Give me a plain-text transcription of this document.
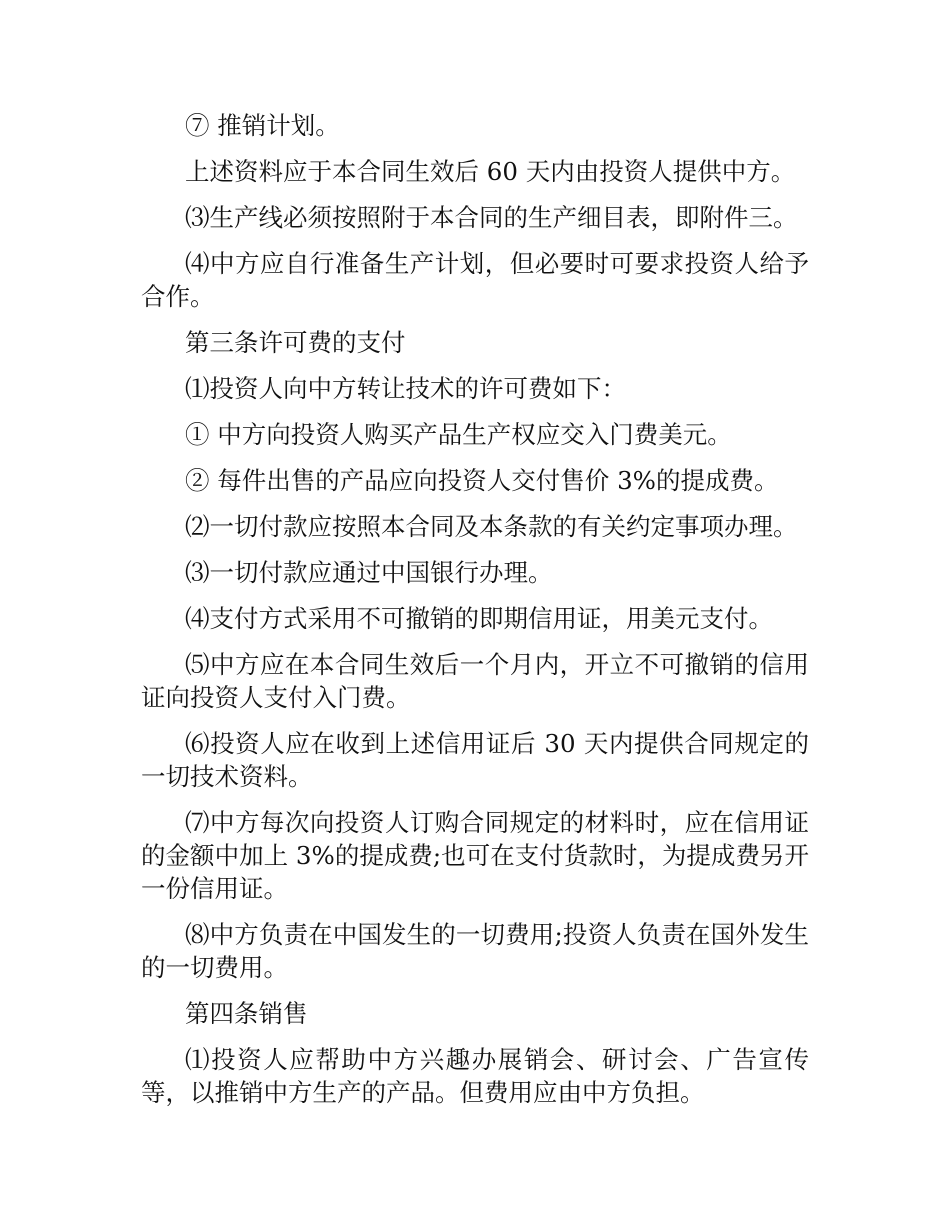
⑦ 推销计划。

上述资料应于本合同生效后 60 天内由投资人提供中方。

⑶生产线必须按照附于本合同的生产细目表，即附件三。

⑷中方应自行准备生产计划，但必要时可要求投资人给予合作。

第三条许可费的支付

⑴投资人向中方转让技术的许可费如下：

① 中方向投资人购买产品生产权应交入门费美元。

② 每件出售的产品应向投资人交付售价 3%的提成费。

⑵一切付款应按照本合同及本条款的有关约定事项办理。

⑶一切付款应通过中国银行办理。

⑷支付方式采用不可撤销的即期信用证，用美元支付。

⑸中方应在本合同生效后一个月内，开立不可撤销的信用证向投资人支付入门费。

⑹投资人应在收到上述信用证后 30 天内提供合同规定的一切技术资料。

⑺中方每次向投资人订购合同规定的材料时，应在信用证的金额中加上 3%的提成费;也可在支付货款时，为提成费另开一份信用证。

⑻中方负责在中国发生的一切费用;投资人负责在国外发生的一切费用。

第四条销售

⑴投资人应帮助中方兴趣办展销会、研讨会、广告宣传等，以推销中方生产的产品。但费用应由中方负担。
